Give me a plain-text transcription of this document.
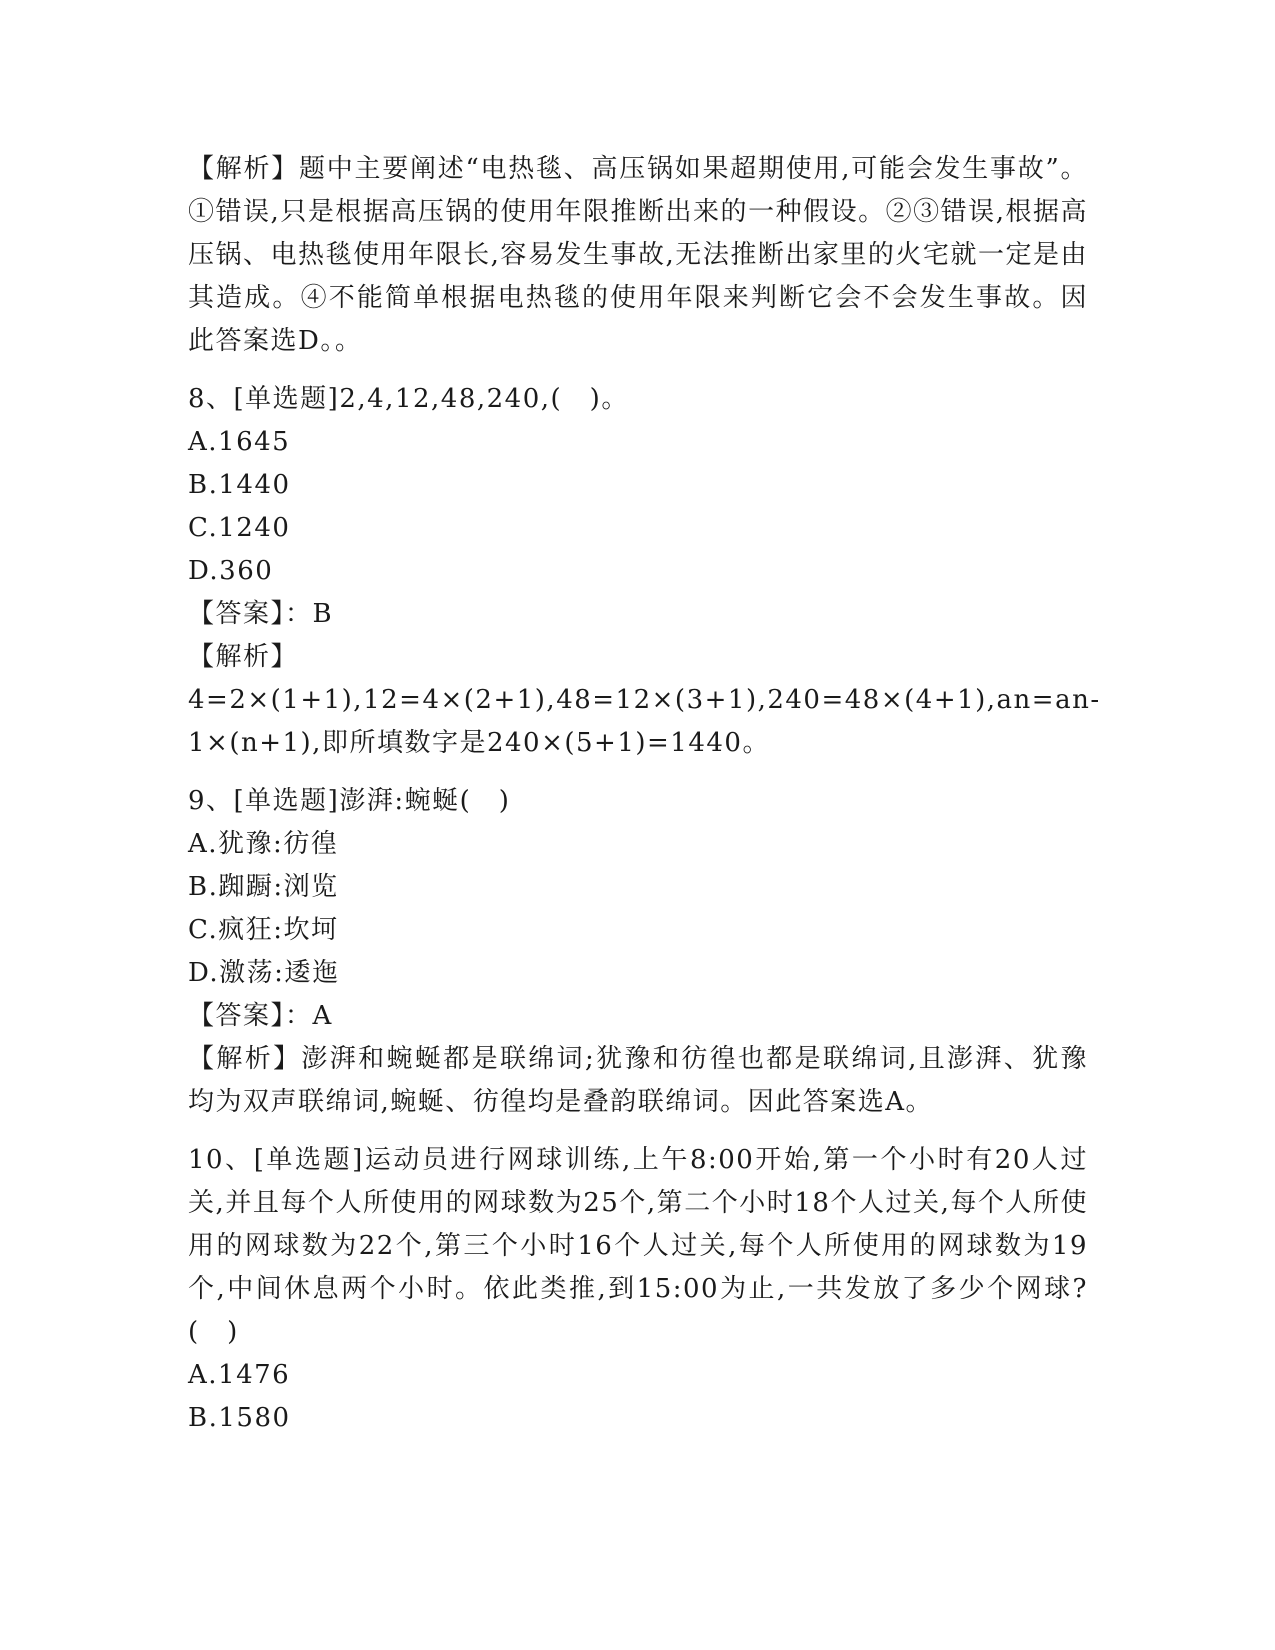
【解析】题中主要阐述“电热毯、高压锅如果超期使用,可能会发生事故”。①错误,只是根据高压锅的使用年限推断出来的一种假设。②③错误,根据高压锅、电热毯使用年限长,容易发生事故,无法推断出家里的火宅就一定是由其造成。④不能简单根据电热毯的使用年限来判断它会不会发生事故。因此答案选D。。

8、[单选题]2,4,12,48,240,(　)。

A.1645

B.1440

C.1240

D.360

【答案】：B

【解析】

4=2×(1+1),12=4×(2+1),48=12×(3+1),240=48×(4+1),an=an-1×(n+1),即所填数字是240×(5+1)=1440。

9、[单选题]澎湃:蜿蜒(　)

A.犹豫:彷徨

B.踟蹰:浏览

C.疯狂:坎坷

D.激荡:逶迤

【答案】：A

【解析】澎湃和蜿蜒都是联绵词;犹豫和彷徨也都是联绵词,且澎湃、犹豫均为双声联绵词,蜿蜒、彷徨均是叠韵联绵词。因此答案选A。

10、[单选题]运动员进行网球训练,上午8:00开始,第一个小时有20人过关,并且每个人所使用的网球数为25个,第二个小时18个人过关,每个人所使用的网球数为22个,第三个小时16个人过关,每个人所使用的网球数为19个,中间休息两个小时。依此类推,到15:00为止,一共发放了多少个网球?(　)

A.1476

B.1580
